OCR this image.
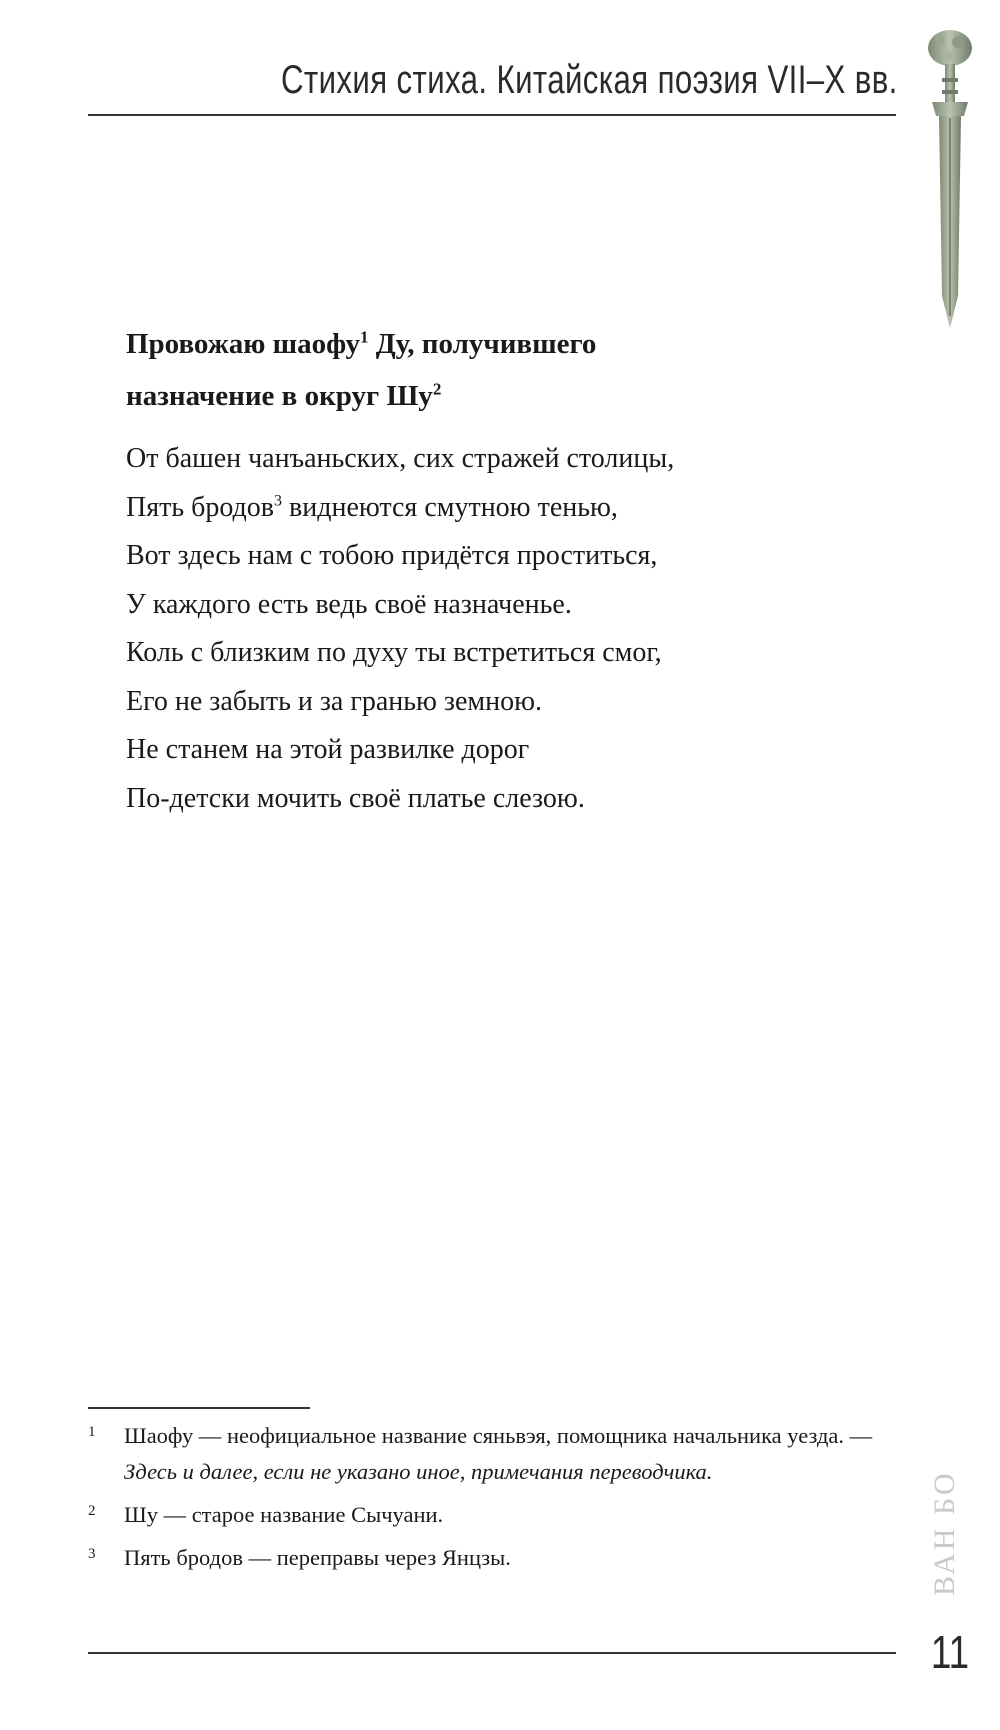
Стихия стиха. Китайская поэзия VII–X вв.
Провожаю шаофу$^1$ Ду, получившего
назначение в округ $Шу^2$
От башен чанъаньских, сих стражей столицы,
Пять бродов$^3$ виднеются смутною тенью,
Вот здесь нам с тобою придётся проститься,
У каждого есть ведь своё назначенье.
Коль с близким по духу ты встретиться смог,
Его не забыть и за гранью земною.
Не станем на этой развилке дорог
По-детски мочить своё платье слезою.
1 Шаофу — неофициальное название сяньвэя, помощника начальника уезда. — Здесь и далее, если не указано иное, примечания переводчика.
2 Шу — старое название Сычуани.
3 Пять бродов — переправы через Янцзы.	ВАН БО
11
